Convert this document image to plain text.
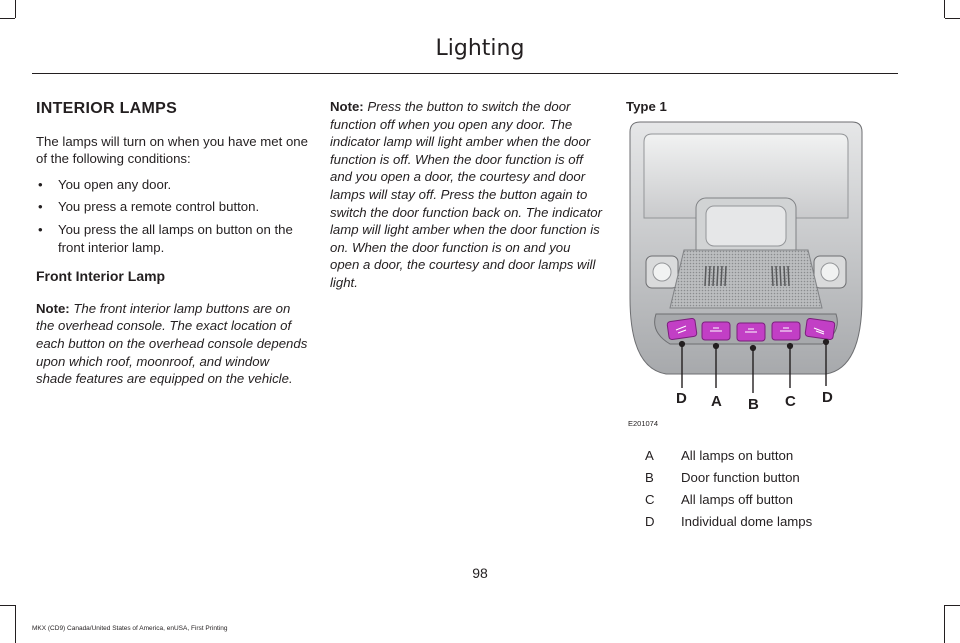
Lighting
INTERIOR LAMPS

The lamps will turn on when you have met one of the following conditions:

• You open any door.
• You press a remote control button.
• You press the all lamps on button on the front interior lamp.
Front Interior Lamp

Note: The front interior lamp buttons are on the overhead console. The exact location of each button on the overhead console depends upon which roof, moonroof, and window shade features are equipped on the vehicle.

Note: Press the button to switch the door function off when you open any door. The indicator lamp will light amber when the door function is off. When the door function is off and you open a door, the courtesy and door lamps will stay off. Press the button again to switch the door function back on. The indicator lamp will light amber when the door function is on. When the door function is on and you open a door, the courtesy and door lamps will light.

Type 1
D A B C D
E201074
A	All lamps on button
B	Door function button
C	All lamps off button
D	Individual dome lamps
98
MKX (CD9) Canada/United States of America, enUSA, First Printing
